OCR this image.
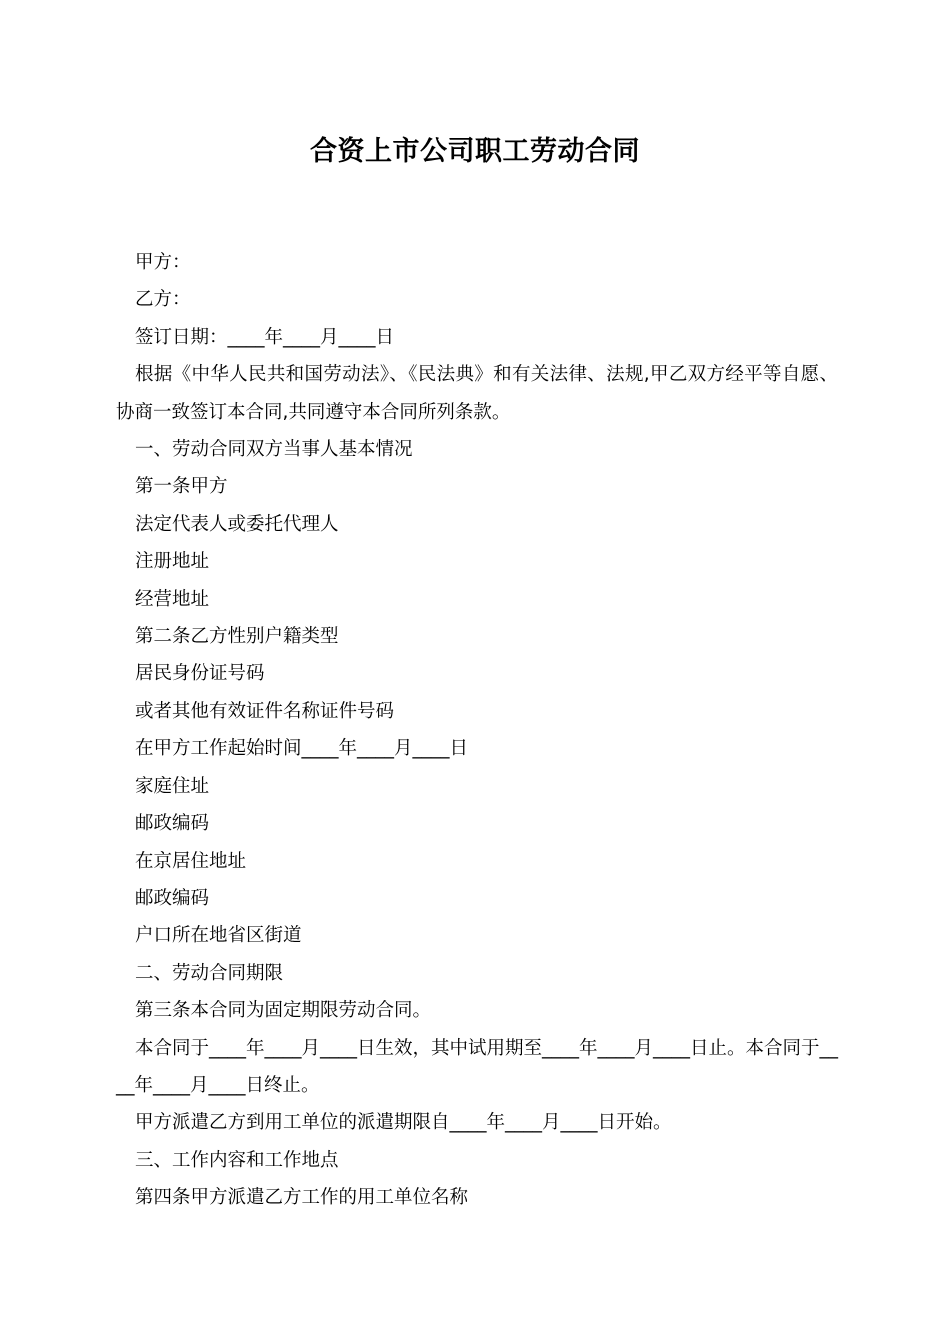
合资上市公司职工劳动合同

甲方：

乙方：

签订日期：____年____月____日

根据《中华人民共和国劳动法》、《民法典》和有关法律、法规,甲乙双方经平等自愿、协商一致签订本合同,共同遵守本合同所列条款。

一、劳动合同双方当事人基本情况

第一条甲方

法定代表人或委托代理人

注册地址

经营地址

第二条乙方性别户籍类型

居民身份证号码

或者其他有效证件名称证件号码

在甲方工作起始时间____年____月____日

家庭住址

邮政编码

在京居住地址

邮政编码

户口所在地省区街道

二、劳动合同期限

第三条本合同为固定期限劳动合同。

本合同于____年____月____日生效，其中试用期至____年____月____日止。本合同于____年____月____日终止。

甲方派遣乙方到用工单位的派遣期限自____年____月____日开始。

三、工作内容和工作地点

第四条甲方派遣乙方工作的用工单位名称
